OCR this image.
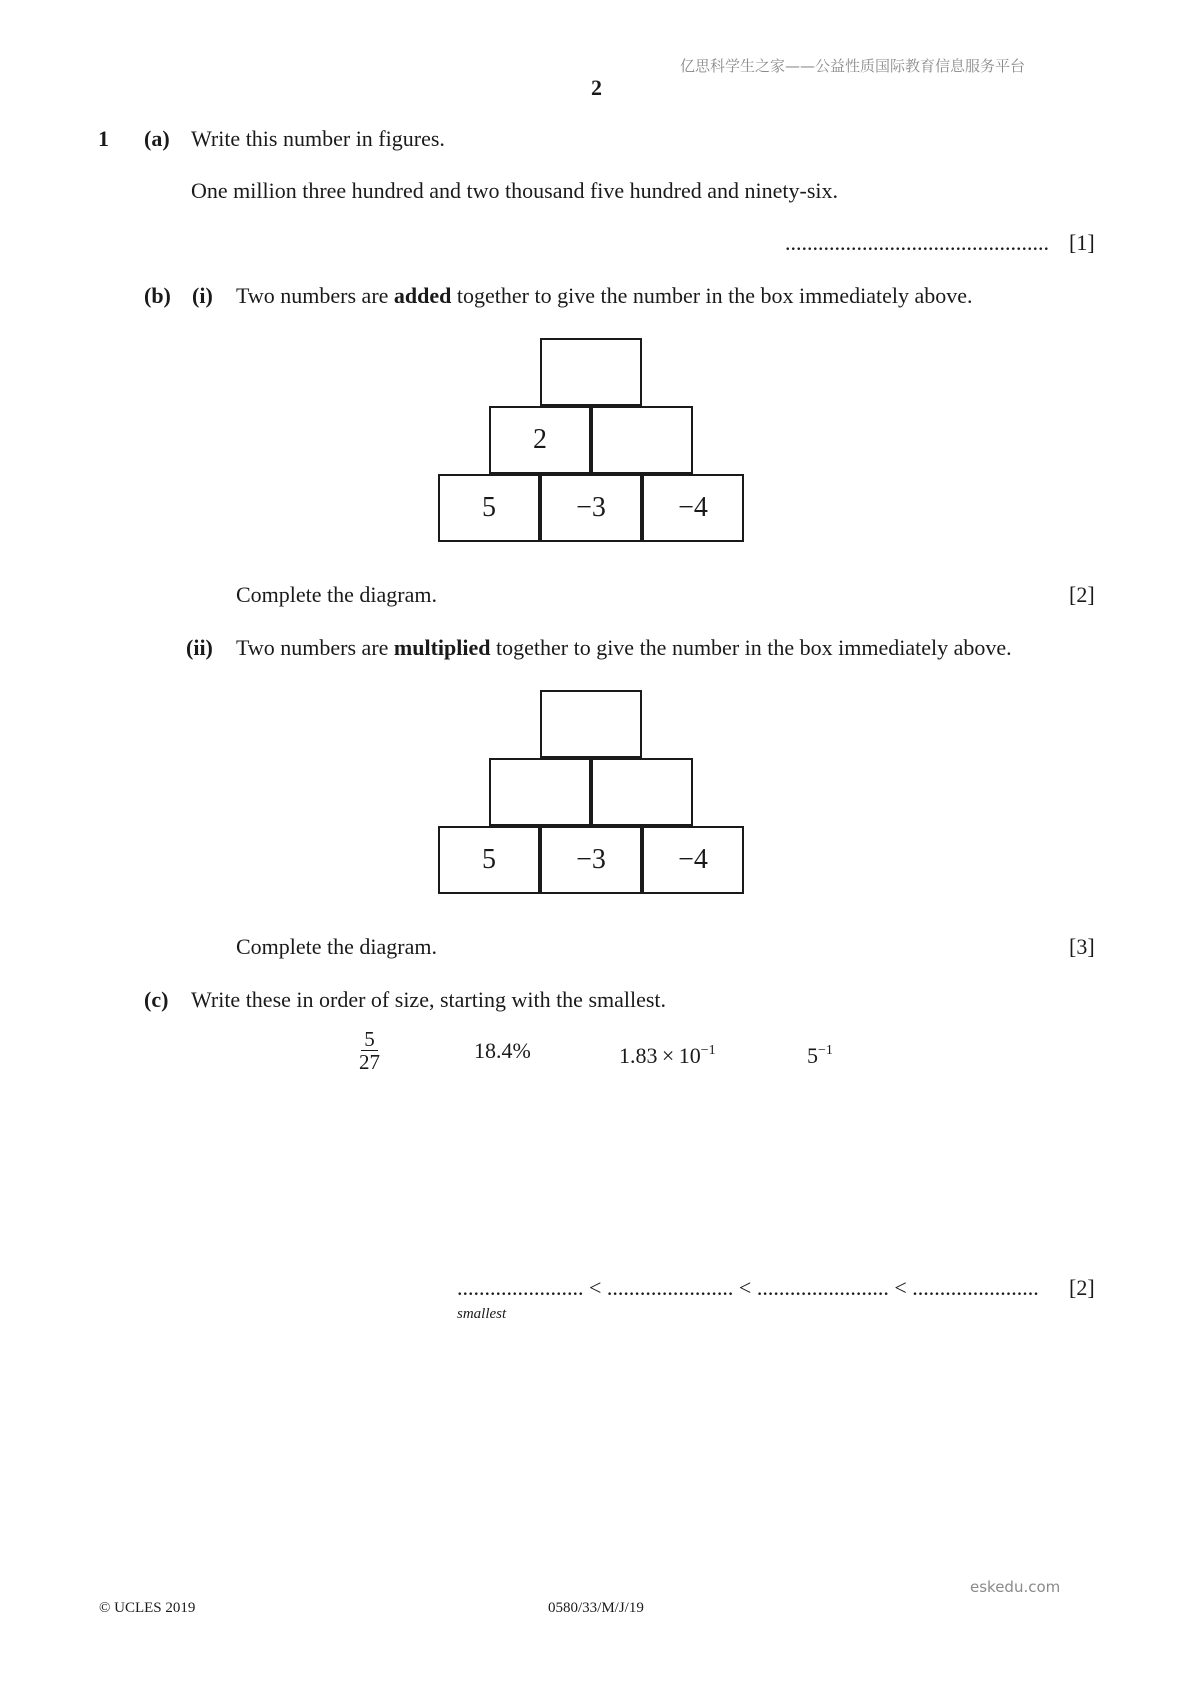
亿思科学生之家——公益性质国际教育信息服务平台
2
1 (a) Write this number in figures.
One million three hundred and two thousand five hundred and ninety-six.
................................................ [1]
(b) (i) Two numbers are added together to give the number in the box immediately above.
2
5	−3	−4
Complete the diagram.	[2]
(ii) Two numbers are multiplied together to give the number in the box immediately above.
5	−3	−4
Complete the diagram.	[3]
(c) Write these in order of size, starting with the smallest.
$\frac{5}{27}$	18.4%	$1.83 \times 10^{-1}$	$5^{-1}$
....................... < ....................... < ........................ < ....................... [2]
smallest
eskedu.com
© UCLES 2019	0580/33/M/J/19
